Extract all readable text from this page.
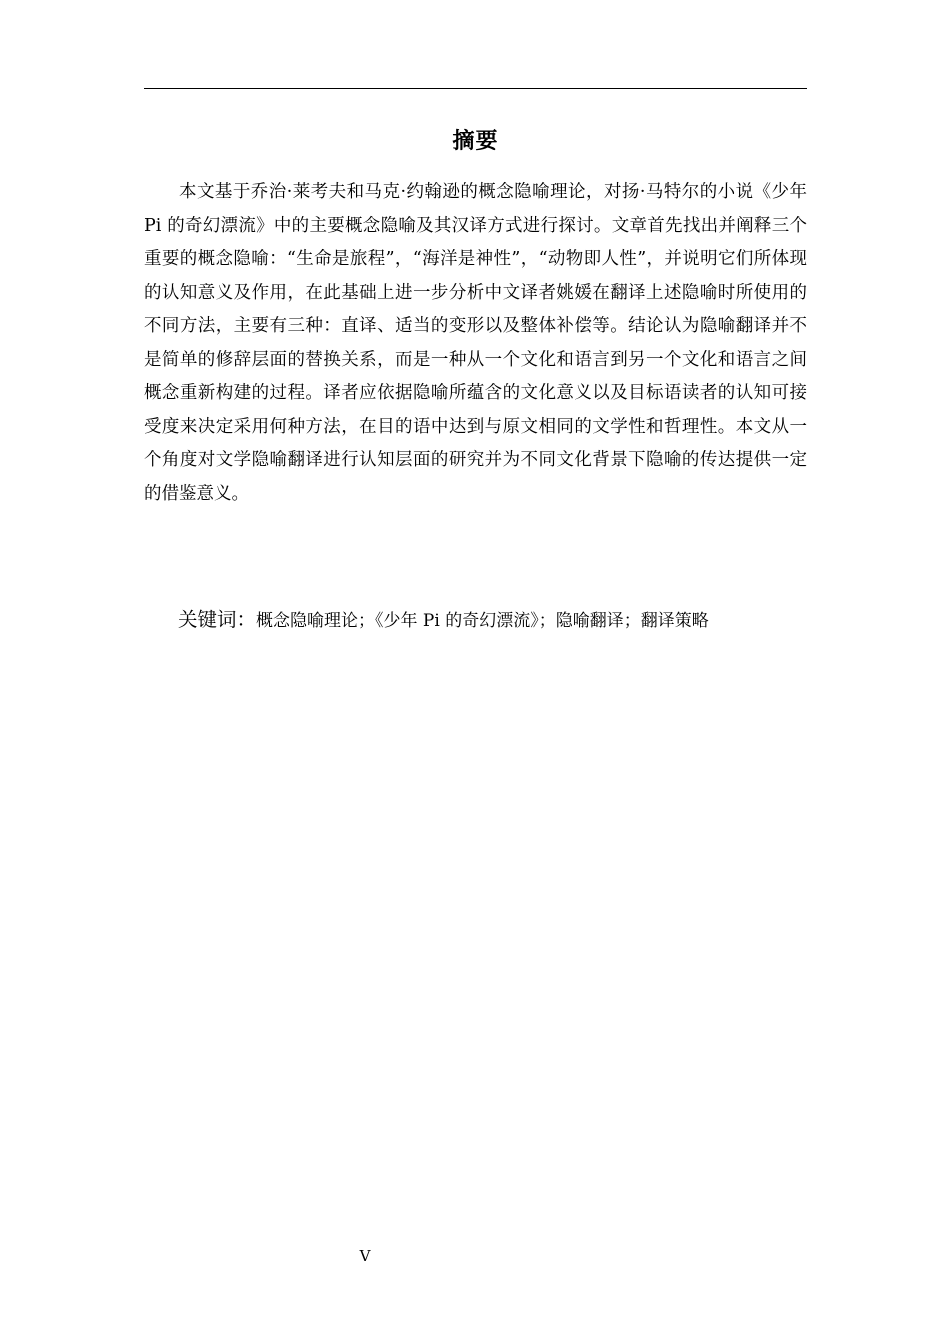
摘要

本文基于乔治·莱考夫和马克·约翰逊的概念隐喻理论，对扬·马特尔的小说《少年 Pi 的奇幻漂流》中的主要概念隐喻及其汉译方式进行探讨。文章首先找出并阐释三个重要的概念隐喻：“生命是旅程”，“海洋是神性”，“动物即人性”，并说明它们所体现的认知意义及作用，在此基础上进一步分析中文译者姚媛在翻译上述隐喻时所使用的不同方法，主要有三种：直译、适当的变形以及整体补偿等。结论认为隐喻翻译并不是简单的修辞层面的替换关系，而是一种从一个文化和语言到另一个文化和语言之间概念重新构建的过程。译者应依据隐喻所蕴含的文化意义以及目标语读者的认知可接受度来决定采用何种方法，在目的语中达到与原文相同的文学性和哲理性。本文从一个角度对文学隐喻翻译进行认知层面的研究并为不同文化背景下隐喻的传达提供一定的借鉴意义。

关键词：概念隐喻理论；《少年 Pi 的奇幻漂流》；隐喻翻译；翻译策略
V
